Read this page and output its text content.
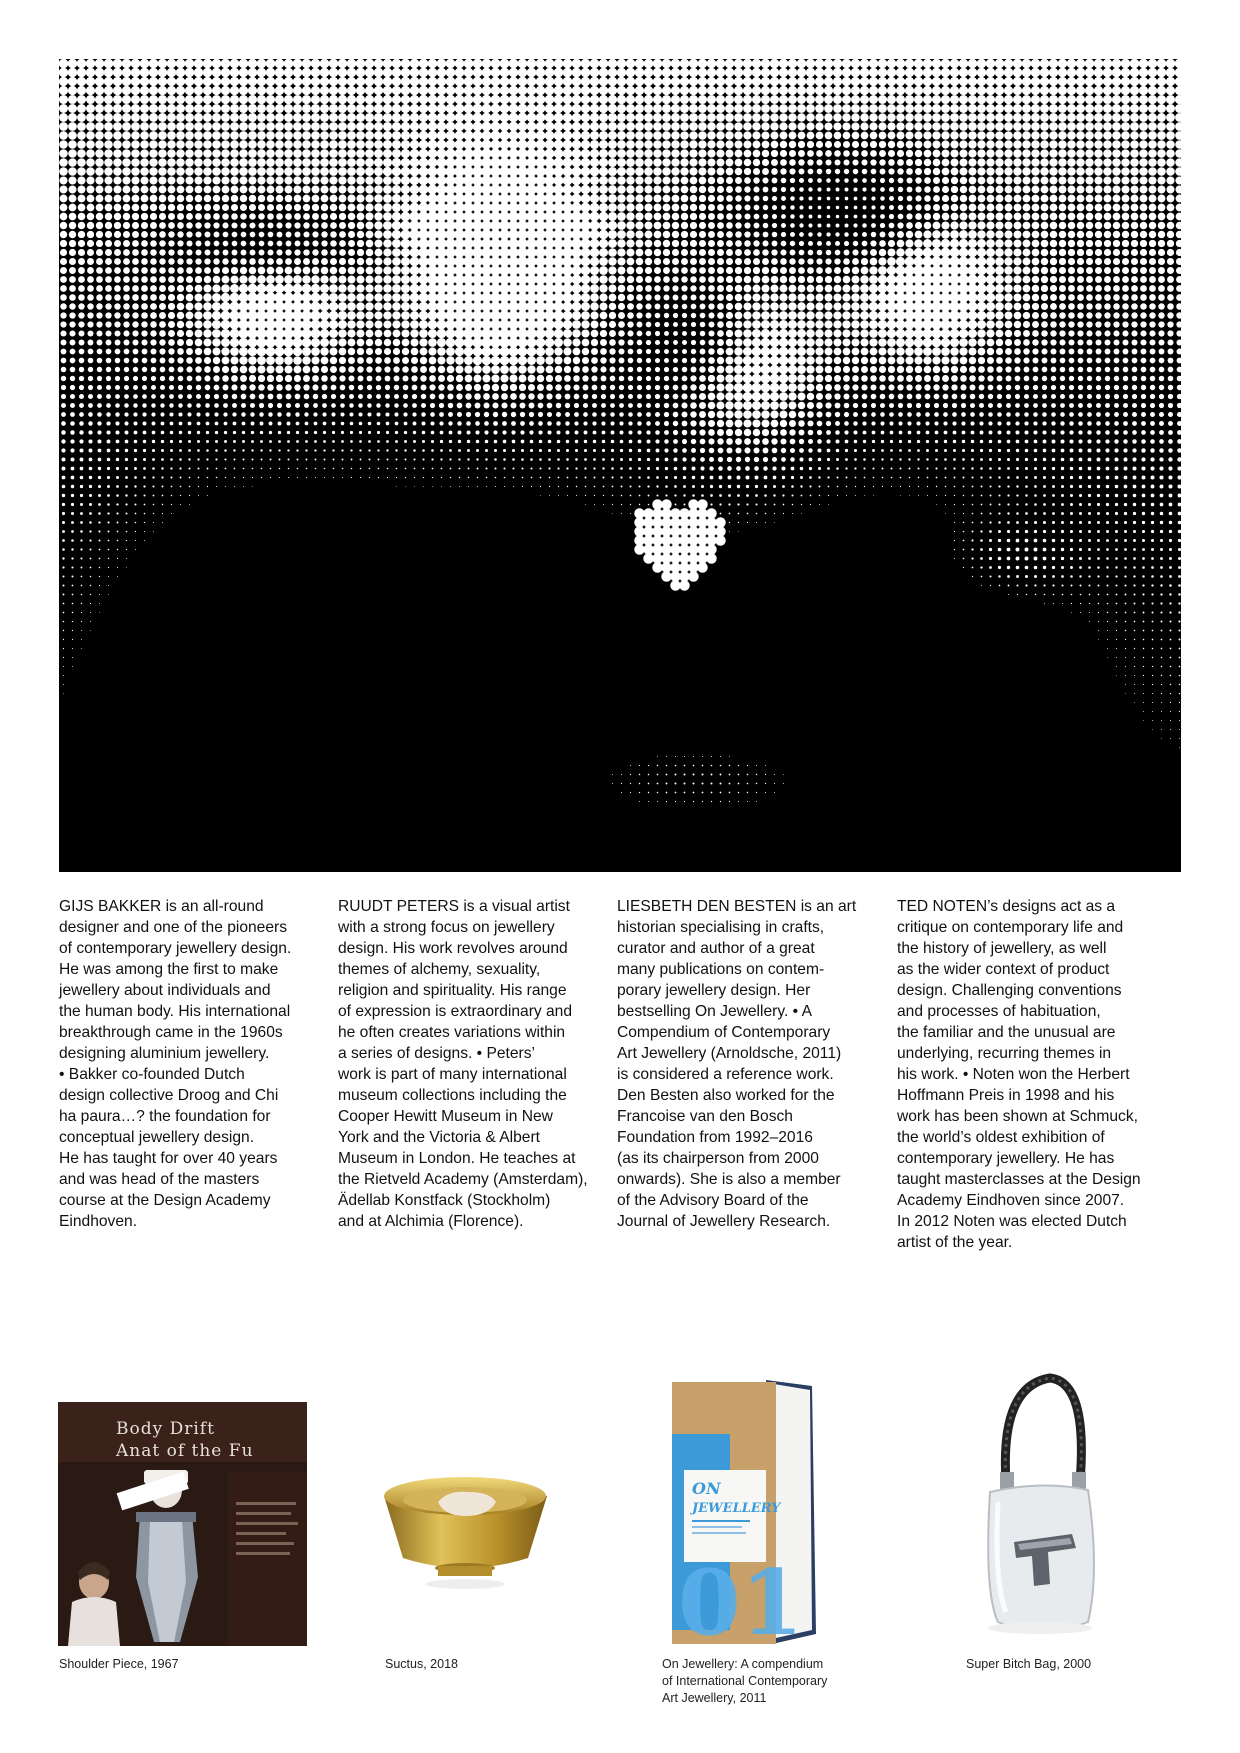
GIJS BAKKER is an all-round
designer and one of the pioneers
of contemporary jewellery design.
He was among the first to make
jewellery about individuals and
the human body. His international
breakthrough came in the 1960s
designing aluminium jewellery.
• Bakker co-founded Dutch
design collective Droog and Chi
ha paura…? the foundation for
conceptual jewellery design.
He has taught for over 40 years
and was head of the masters
course at the Design Academy
Eindhoven.
RUUDT PETERS is a visual artist
with a strong focus on jewellery
design. His work revolves around
themes of alchemy, sexuality,
religion and spirituality. His range
of expression is extraordinary and
he often creates variations within
a series of designs. • Peters’
work is part of many international
museum collections including the
Cooper Hewitt Museum in New
York and the Victoria & Albert
Museum in London. He teaches at
the Rietveld Academy (Amsterdam),
Ädellab Konstfack (Stockholm)
and at Alchimia (Florence).
LIESBETH DEN BESTEN is an art
historian specialising in crafts,
curator and author of a great
many publications on contem-
porary jewellery design. Her
bestselling On Jewellery. • A
Compendium of Contemporary
Art Jewellery (Arnoldsche, 2011)
is considered a reference work.
Den Besten also worked for the
Francoise van den Bosch
Foundation from 1992–2016
(as its chairperson from 2000
onwards). She is also a member
of the Advisory Board of the
Journal of Jewellery Research.
TED NOTEN’s designs act as a
critique on contemporary life and
the history of jewellery, as well
as the wider context of product
design. Challenging conventions
and processes of habituation,
the familiar and the unusual are
underlying, recurring themes in
his work. • Noten won the Herbert
Hoffmann Preis in 1998 and his
work has been shown at Schmuck,
the world’s oldest exhibition of
contemporary jewellery. He has
taught masterclasses at the Design
Academy Eindhoven since 2007.
In 2012 Noten was elected Dutch
artist of the year.
Body Drift
Anat of the Fu
Shoulder Piece, 1967	Suctus, 2018
ON
JEWELLERY
01
On Jewellery: A compendium
of International Contemporary
Art Jewellery, 2011
Super Bitch Bag, 2000
